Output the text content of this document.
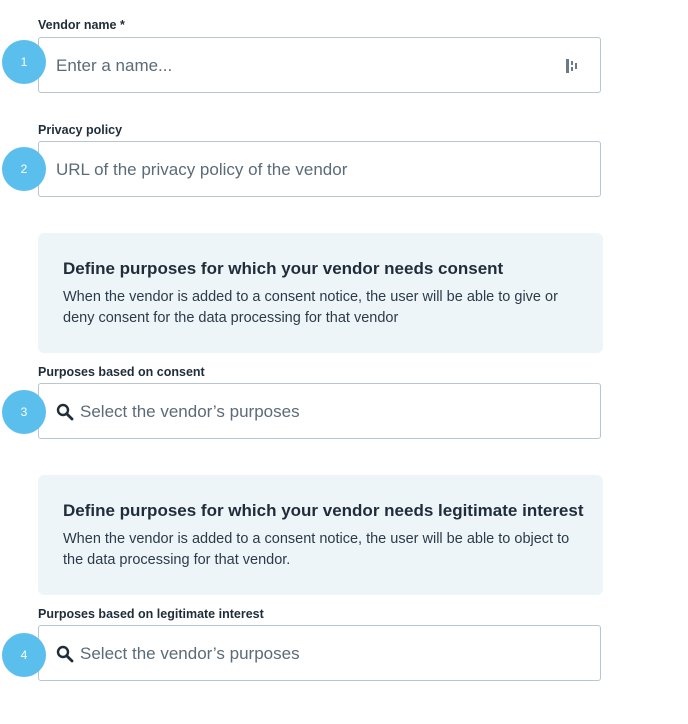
Vendor name *
Enter a name...
1
Privacy policy
URL of the privacy policy of the vendor
2

Define purposes for which your vendor needs consent

When the vendor is added to a consent notice, the user will be able to give or deny consent for the data processing for that vendor

Purposes based on consent
Select the vendor’s purposes
3

Define purposes for which your vendor needs legitimate interest

When the vendor is added to a consent notice, the user will be able to object to the data processing for that vendor.

Purposes based on legitimate interest
Select the vendor’s purposes
4
